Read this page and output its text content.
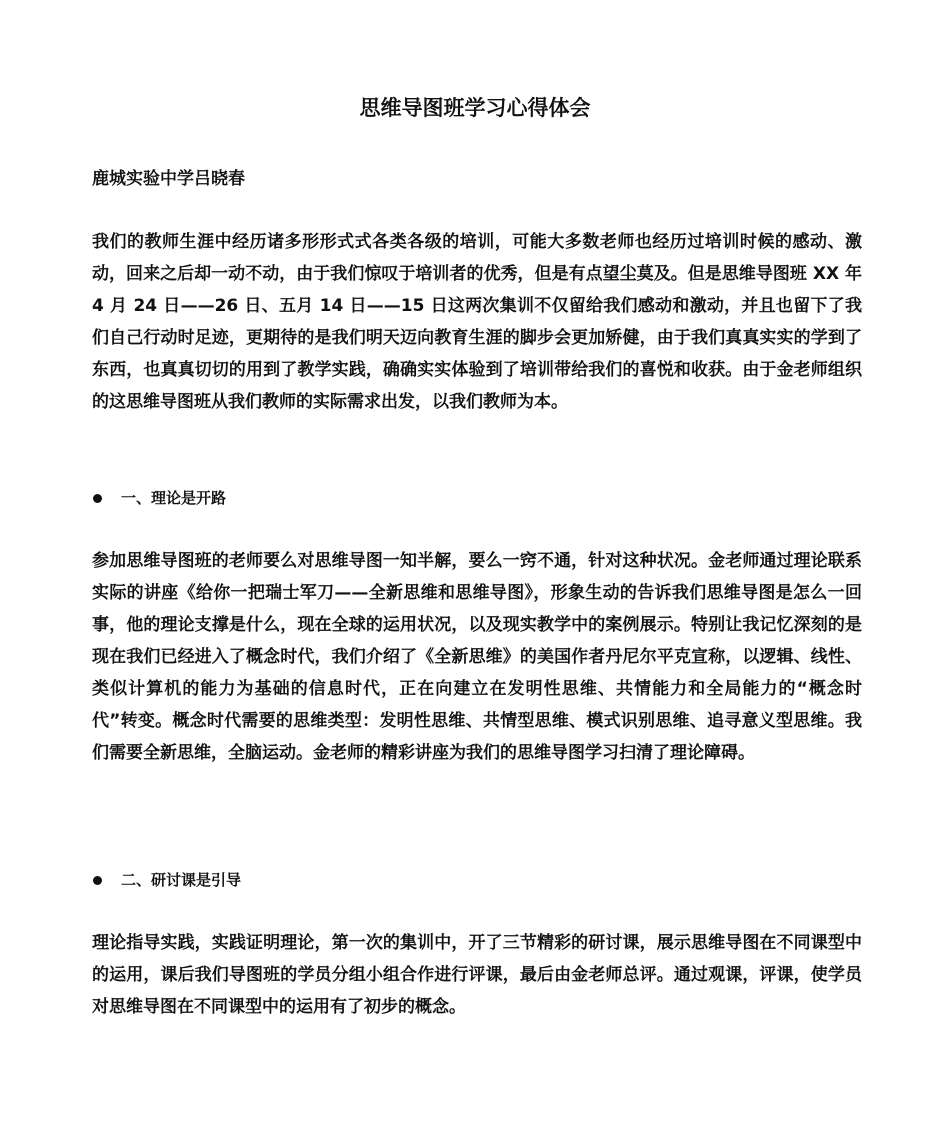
思维导图班学习心得体会

鹿城实验中学吕晓春

我们的教师生涯中经历诸多形形式式各类各级的培训，可能大多数老师也经历过培训时候的感动、激动，回来之后却一动不动，由于我们惊叹于培训者的优秀，但是有点望尘莫及。但是思维导图班 XX 年 4 月 24 日——26 日、五月 14 日——15 日这两次集训不仅留给我们感动和激动，并且也留下了我们自己行动时足迹，更期待的是我们明天迈向教育生涯的脚步会更加矫健，由于我们真真实实的学到了东西，也真真切切的用到了教学实践，确确实实体验到了培训带给我们的喜悦和收获。由于金老师组织的这思维导图班从我们教师的实际需求出发，以我们教师为本。

一、理论是开路

参加思维导图班的老师要么对思维导图一知半解，要么一窍不通，针对这种状况。金老师通过理论联系实际的讲座《给你一把瑞士军刀——全新思维和思维导图》，形象生动的告诉我们思维导图是怎么一回事，他的理论支撑是什么，现在全球的运用状况，以及现实教学中的案例展示。特别让我记忆深刻的是现在我们已经进入了概念时代，我们介绍了《全新思维》的美国作者丹尼尔平克宣称，以逻辑、线性、类似计算机的能力为基础的信息时代，正在向建立在发明性思维、共情能力和全局能力的“概念时代”转变。概念时代需要的思维类型：发明性思维、共情型思维、模式识别思维、追寻意义型思维。我们需要全新思维，全脑运动。金老师的精彩讲座为我们的思维导图学习扫清了理论障碍。

二、研讨课是引导

理论指导实践，实践证明理论，第一次的集训中，开了三节精彩的研讨课，展示思维导图在不同课型中的运用，课后我们导图班的学员分组小组合作进行评课，最后由金老师总评。通过观课，评课，使学员对思维导图在不同课型中的运用有了初步的概念。
